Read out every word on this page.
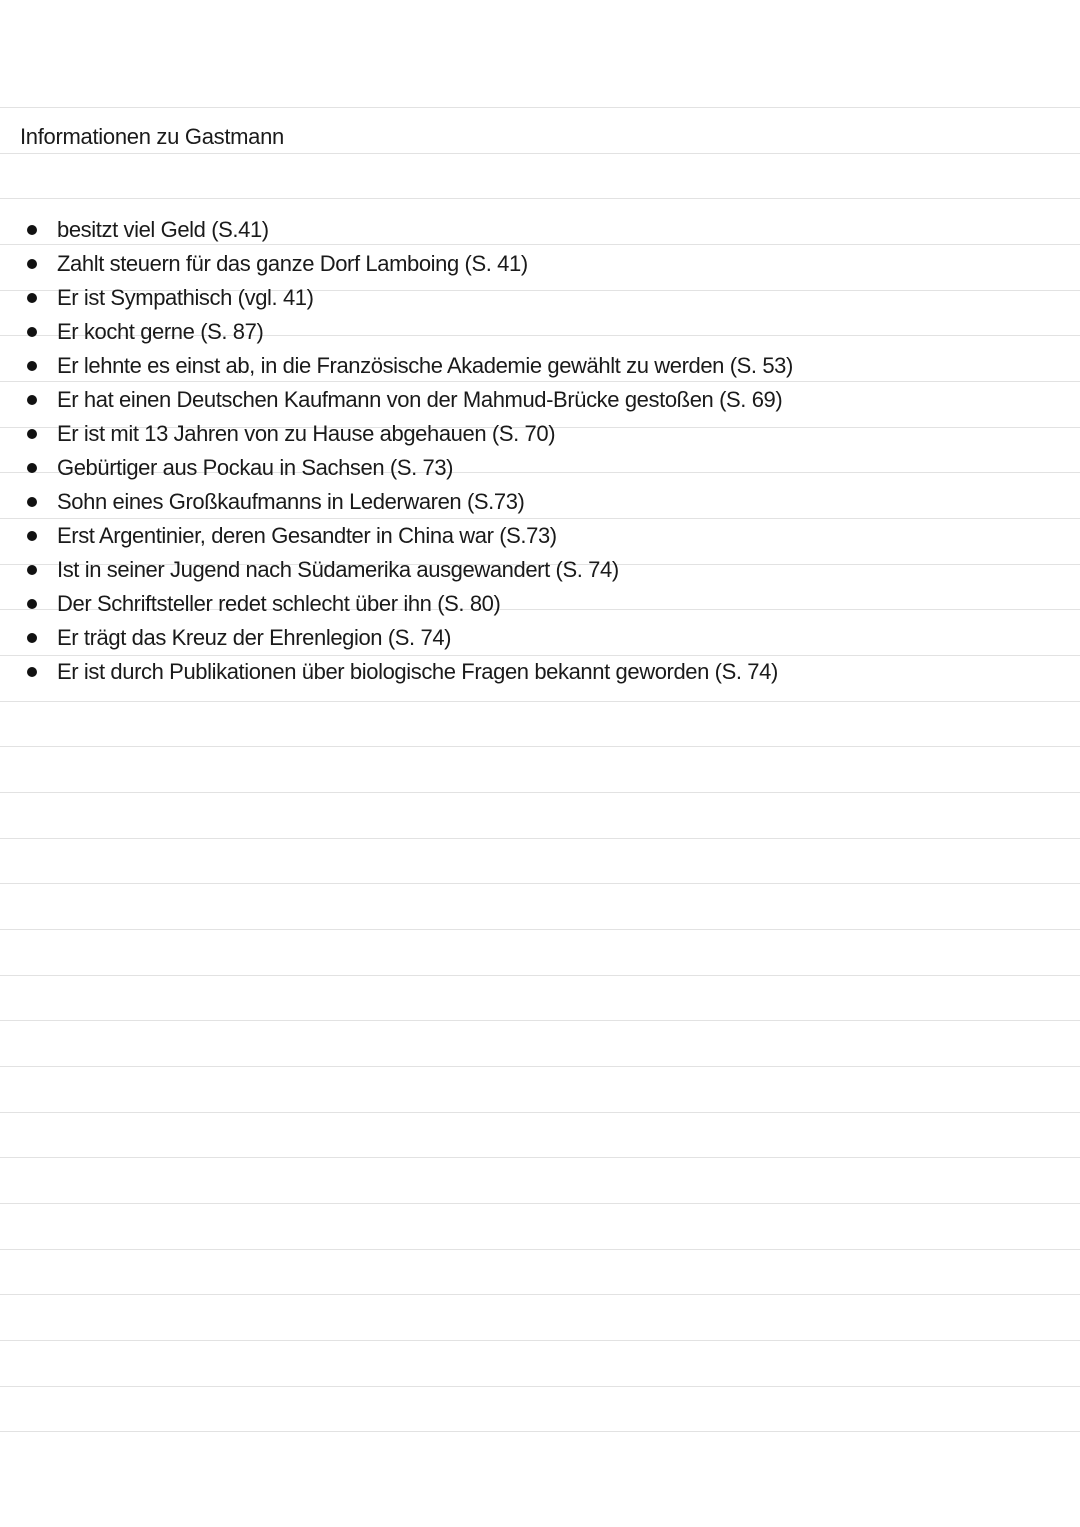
Informationen zu Gastmann
besitzt viel Geld (S.41)
Zahlt steuern für das ganze Dorf Lamboing (S. 41)
Er ist Sympathisch (vgl. 41)
Er kocht gerne (S. 87)
Er lehnte es einst ab, in die Französische Akademie gewählt zu werden (S. 53)
Er hat einen Deutschen Kaufmann von der Mahmud-Brücke gestoßen (S. 69)
Er ist mit 13 Jahren von zu Hause abgehauen (S. 70)
Gebürtiger aus Pockau in Sachsen (S. 73)
Sohn eines Großkaufmanns in Lederwaren (S.73)
Erst Argentinier, deren Gesandter in China war (S.73)
Ist in seiner Jugend nach Südamerika ausgewandert (S. 74)
Der Schriftsteller redet schlecht über ihn (S. 80)
Er trägt das Kreuz der Ehrenlegion (S. 74)
Er ist durch Publikationen über biologische Fragen bekannt geworden (S. 74)
